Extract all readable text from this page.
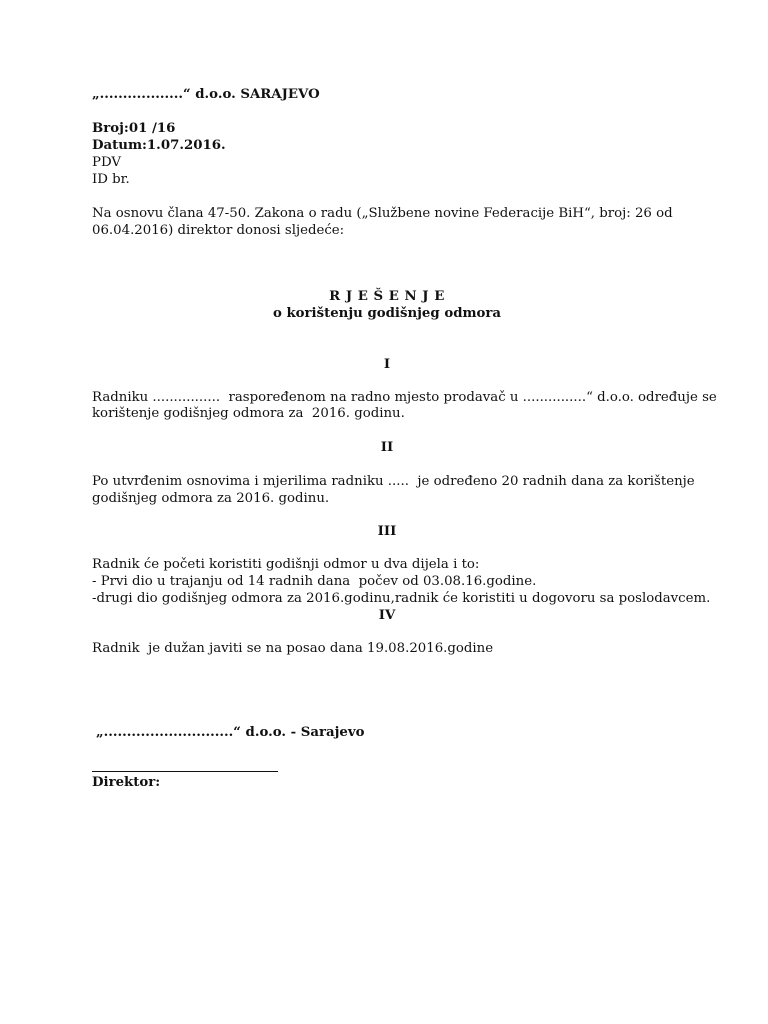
„..................“ d.o.o. SARAJEVO
Broj:01 /16
Datum:1.07.2016.
PDV
ID br.
Na osnovu člana 47-50. Zakona o radu („Službene novine Federacije BiH“, broj: 26 od
06.04.2016) direktor donosi sljedeće:
R J E Š E N J E
o korištenju godišnjeg odmora
I
Radniku ................  raspoređenom na radno mjesto prodavač u ...............“ d.o.o. određuje se
korištenje godišnjeg odmora za  2016. godinu.
II
Po utvrđenim osnovima i mjerilima radniku .....  je određeno 20 radnih dana za korištenje
godišnjeg odmora za 2016. godinu.
III
Radnik će početi koristiti godišnji odmor u dva dijela i to:
- Prvi dio u trajanju od 14 radnih dana  počev od 03.08.16.godine.
-drugi dio godišnjeg odmora za 2016.godinu,radnik će koristiti u dogovoru sa poslodavcem.
IV
Radnik  je dužan javiti se na posao dana 19.08.2016.godine
„............................“ d.o.o. - Sarajevo
Direktor:
